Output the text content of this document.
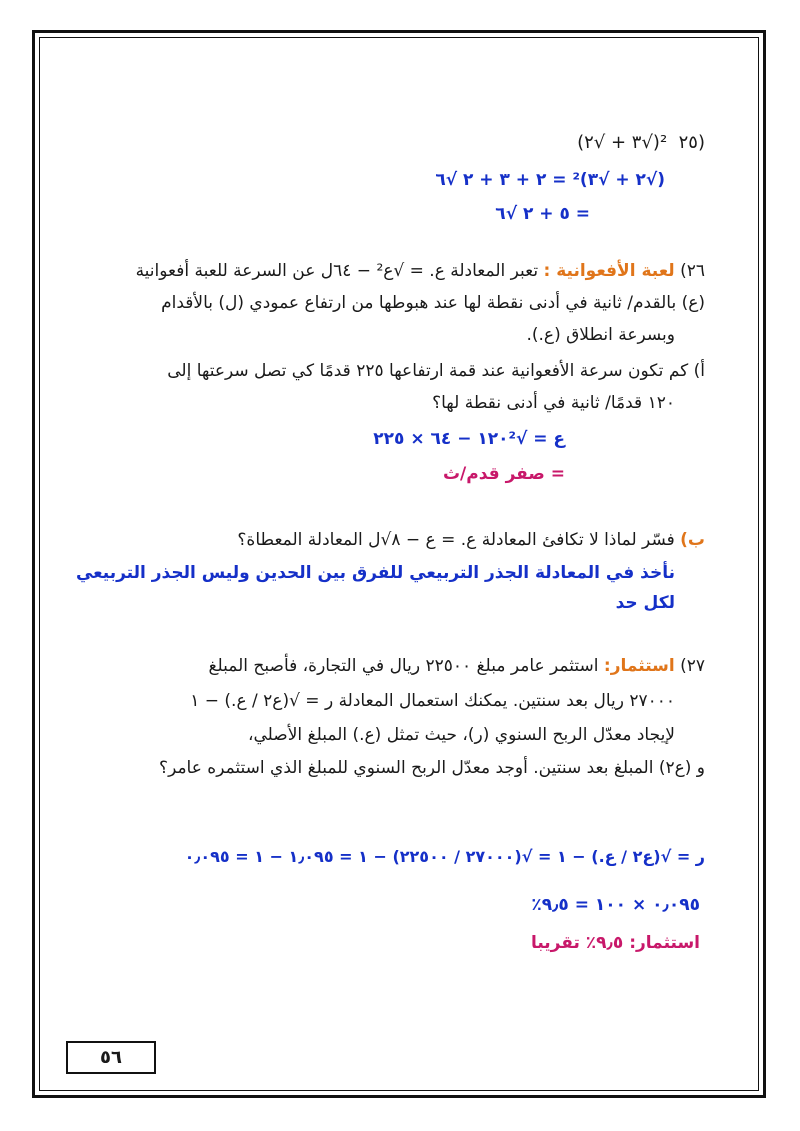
(٢٥  ²(√٣ + √٢)
(√٢ + √٣)² = ٢ + ٣ + ٢ √٦
= ٥ + ٢ √٦
٢٦) لعبة الأفعوانية : تعبر المعادلة ع. = √ع² − ٦٤ل عن السرعة للعبة أفعوانية
(ع) بالقدم/ ثانية في أدنى نقطة لها عند هبوطها من ارتفاع عمودي (ل) بالأقدام
وبسرعة انطلاق (ع.).
أ) كم تكون سرعة الأفعوانية عند قمة ارتفاعها ٢٢٥ قدمًا كي تصل سرعتها إلى
١٢٠ قدمًا/ ثانية في أدنى نقطة لها؟
ع = √١٢٠² − ٦٤ × ٢٢٥
= صفر قدم/ث
ب) فسّر لماذا لا تكافئ المعادلة ع. = ع − ٨√ل المعادلة المعطاة؟
نأخذ في المعادلة الجذر التربيعي للفرق بين الحدين وليس الجذر التربيعي
لكل حد
٢٧) استثمار: استثمر عامر مبلغ ٢٢٥٠٠ ريال في التجارة، فأصبح المبلغ
٢٧٠٠٠ ريال بعد سنتين. يمكنك استعمال المعادلة ر = √(ع٢ / ع.) − ١
لإيجاد معدّل الربح السنوي (ر)، حيث تمثل (ع.) المبلغ الأصلي،
و (ع٢) المبلغ بعد سنتين. أوجد معدّل الربح السنوي للمبلغ الذي استثمره عامر؟
ر = √(ع٢ / ع.) − ١ = √(٢٧٠٠٠ / ٢٢٥٠٠) − ١ = ١٫٠٩٥ − ١ = ٠٫٠٩٥
٠٫٠٩٥ × ١٠٠ = ٩٫٥٪
استثمار: ٩٫٥٪ تقريبا
٥٦
